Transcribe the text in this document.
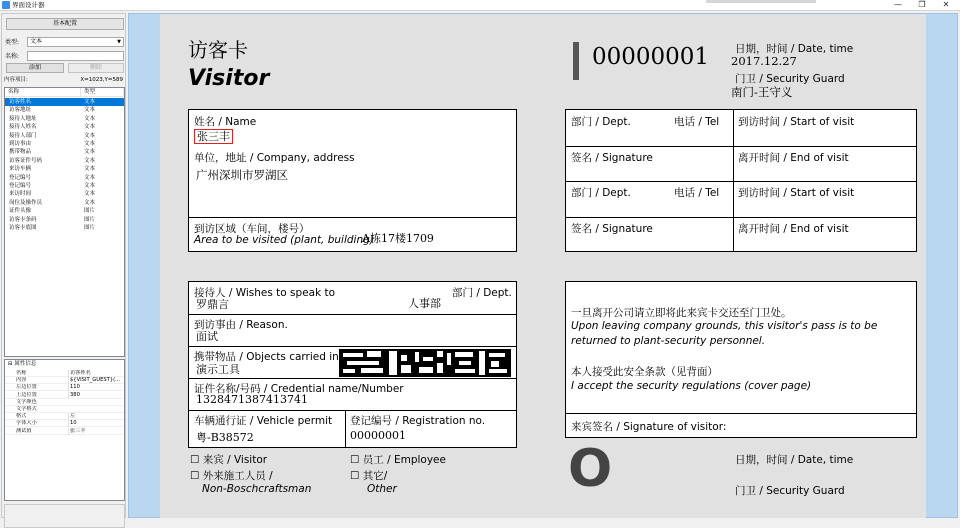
界面设计器	—	❐	✕
基本配置
类型:	文本	▼
名称:
添加	删除
内容项目:	X=1023,Y=589
名称	类型
访客姓名	文本
访客地址	文本
接待人地址	文本
接待人姓名	文本
接待人部门	文本
到访事由	文本
携带物品	文本
访客证件号码	文本
来访车辆	文本
登记编号	文本
登记编号	文本
来访时间	文本
岗位及操作员	文本
证件头像	图片
访客卡条码	图片
访客卡底图	图片
⊟ 属性信息
名称	访客姓名
内容	${VISIT_GUEST}(...
左边位置	110
上边位置	380
文字颜色
文字格式
格式	左
字体大小	10
测试值	张三丰
访客卡
Visitor
00000001 日期，时间 / Date, time
2017.12.27
门卫 / Security Guard
南门-王守义
姓名 / Name
张三丰
单位，地址 / Company, address
广州深圳市罗湖区
到访区域（车间，楼号）
Area to be visited (plant, building)
A栋17楼1709
部门 / Dept.	电话 / Tel 到访时间 / Start of visit
签名 / Signature	离开时间 / End of visit
部门 / Dept.	电话 / Tel 到访时间 / Start of visit
签名 / Signature	离开时间 / End of visit
接待人 / Wishes to speak to
罗鼎言
部门 / Dept.
人事部
到访事由 / Reason.
面试
携带物品 / Objects carried in
演示工具
证件名称/号码 / Credential name/Number
1328471387413741
车辆通行证 / Vehicle permit
粤-B38572
登记编号 / Registration no.
00000001
一旦离开公司请立即将此来宾卡交还至门卫处。
Upon leaving company grounds, this visitor's pass is to be
returned to plant-security personnel.
本人接受此安全条款（见背面）
I accept the security regulations (cover page)
来宾签名 / Signature of visitor:
☐ 来宾 / Visitor	☐ 员工 / Employee
☐ 外来施工人员 /
Non-Boschcraftsman
☐ 其它/
Other	O	日期，时间 / Date, time
门卫 / Security Guard
